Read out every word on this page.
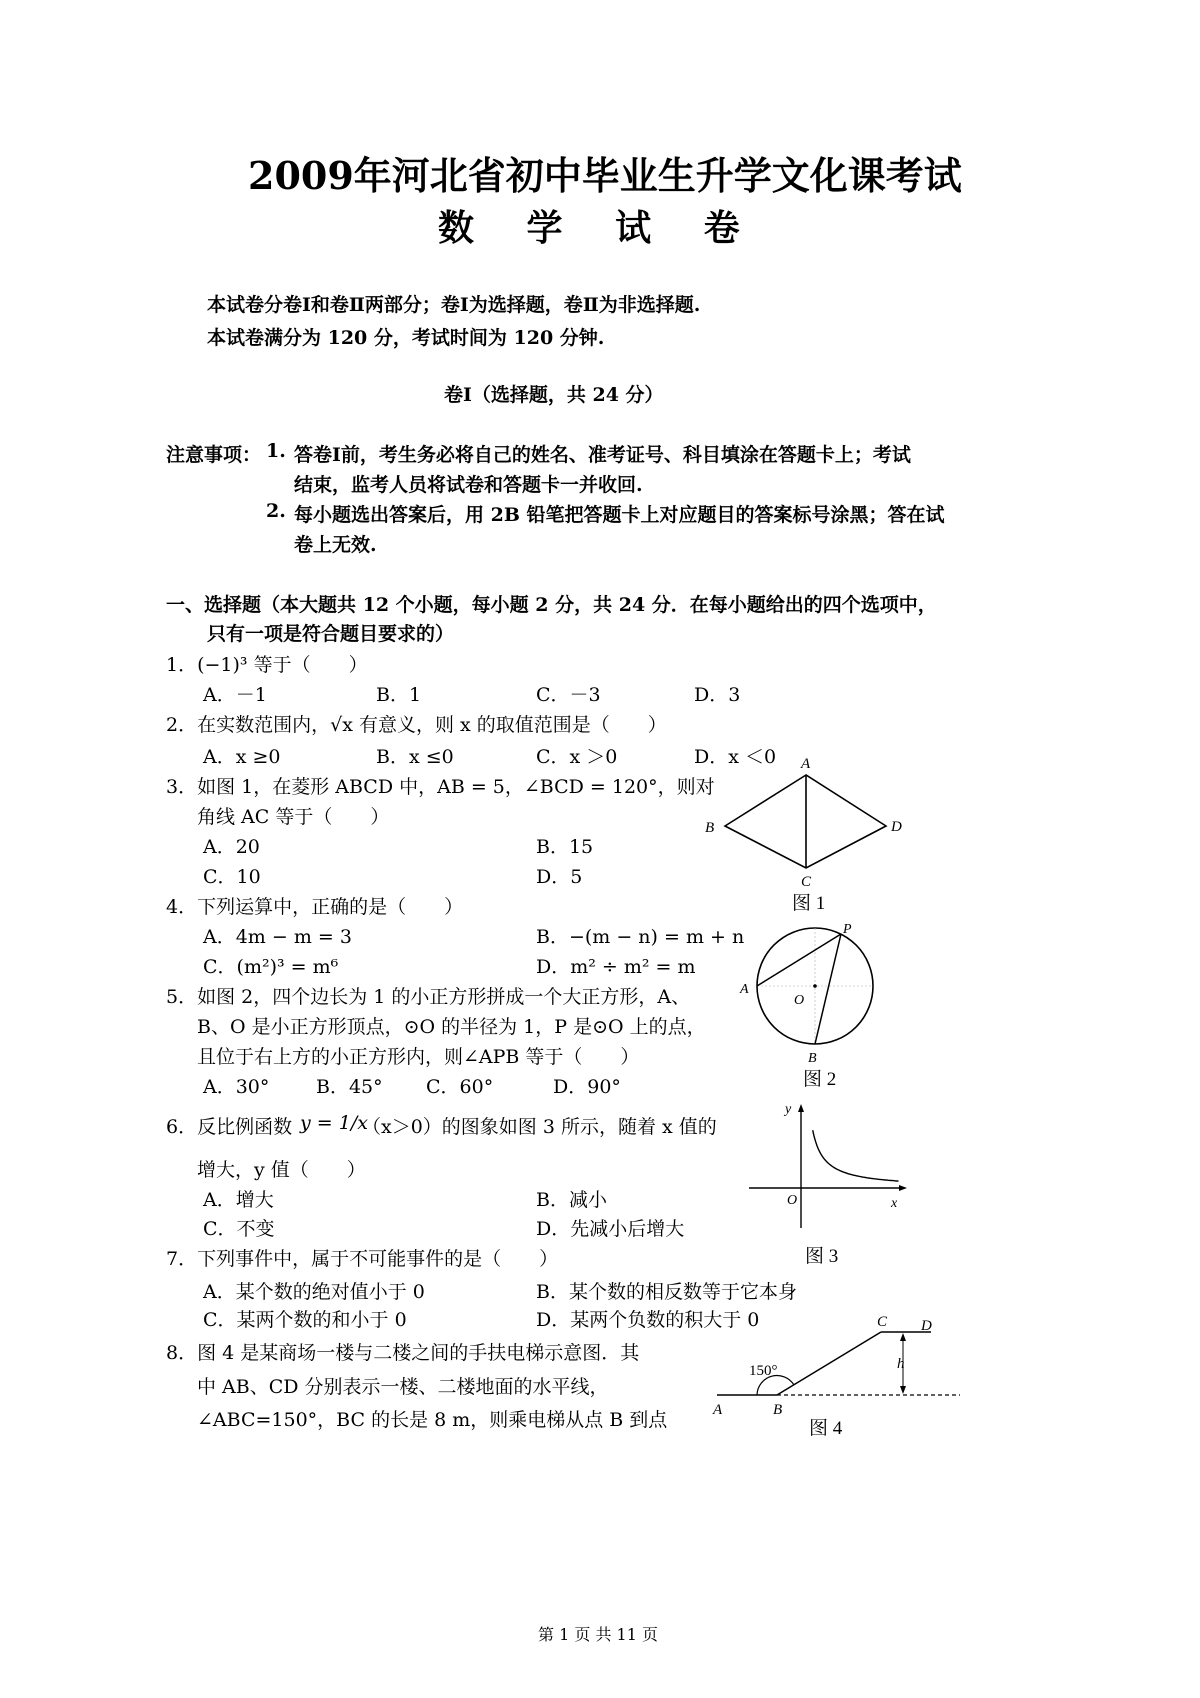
2009年河北省初中毕业生升学文化课考试
数 学 试 卷
本试卷分卷Ⅰ和卷Ⅱ两部分；卷Ⅰ为选择题，卷Ⅱ为非选择题.
本试卷满分为 120 分，考试时间为 120 分钟.
卷Ⅰ（选择题，共 24 分）
注意事项： 1. 答卷Ⅰ前，考生务必将自己的姓名、准考证号、科目填涂在答题卡上；考试
结束，监考人员将试卷和答题卡一并收回.
2. 每小题选出答案后，用 2B 铅笔把答题卡上对应题目的答案标号涂黑；答在试
卷上无效.
一、选择题（本大题共 12 个小题，每小题 2 分，共 24 分．在每小题给出的四个选项中，
只有一项是符合题目要求的）
1．(−1)³ 等于（　　）
A．－1	B．1	C．－3	D．3
2．在实数范围内，√x 有意义，则 x 的取值范围是（　　）
A．x ≥0	B．x ≤0	C．x ＞0	D．x ＜0
3．如图 1，在菱形 ABCD 中，AB = 5，∠BCD = 120°，则对
角线 AC 等于（　　）
A．20	B．15
C．10	D．5
4．下列运算中，正确的是（　　）
A．4m − m = 3	B．−(m − n) = m + n
C．(m²)³ = m⁶	D．m² ÷ m² = m
5．如图 2，四个边长为 1 的小正方形拼成一个大正方形，A、
B、O 是小正方形顶点，⊙O 的半径为 1，P 是⊙O 上的点，
且位于右上方的小正方形内，则∠APB 等于（　　）
A．30° B．45° C．60°	D．90°
6．反比例函数 y = 1/x
（x＞0）的图象如图 3 所示，随着 x 值的
增大，y 值（　　）
A．增大	B．减小
C．不变	D．先减小后增大
7．下列事件中，属于不可能事件的是（　　）
A．某个数的绝对值小于 0	B．某个数的相反数等于它本身
C．某两个数的和小于 0	D．某两个负数的积大于 0
8．图 4 是某商场一楼与二楼之间的手扶电梯示意图．其
中 AB、CD 分别表示一楼、二楼地面的水平线，
∠ABC=150°，BC 的长是 8 m，则乘电梯从点 B 到点
A
B
C
D
图 1
P
A
O
B
图 2
y
O	x
图 3
150°
C D
h
A	B
图 4
第 1 页 共 11 页
